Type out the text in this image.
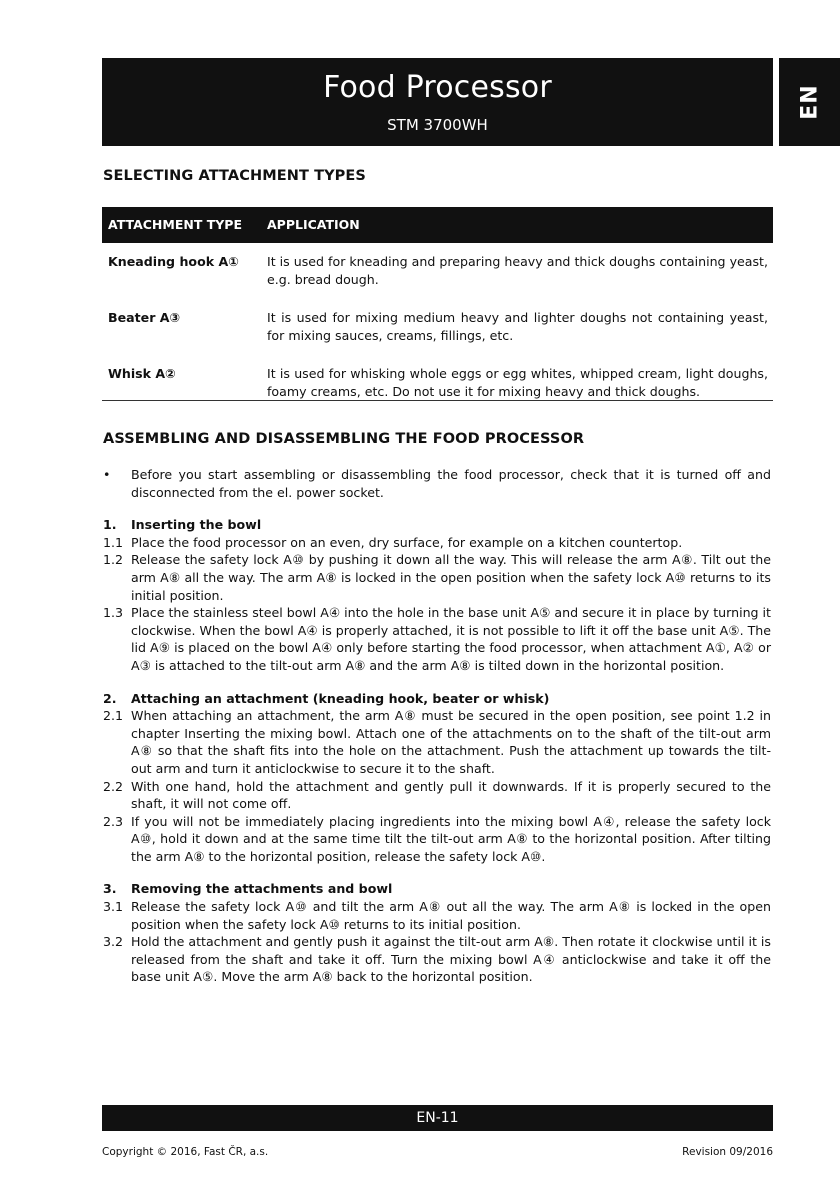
Food Processor
STM 3700WH
EN
SELECTING ATTACHMENT TYPES
ATTACHMENT TYPE APPLICATION
Kneading hook A① It is used for kneading and preparing heavy and thick doughs containing yeast, e.g. bread dough.
Beater A③	It is used for mixing medium heavy and lighter doughs not containing yeast, for mixing sauces, creams, fillings, etc.
Whisk A②	It is used for whisking whole eggs or egg whites, whipped cream, light doughs, foamy creams, etc. Do not use it for mixing heavy and thick doughs.
ASSEMBLING AND DISASSEMBLING THE FOOD PROCESSOR
• Before you start assembling or disassembling the food processor, check that it is turned off and disconnected from the el. power socket.
1. Inserting the bowl
1.1 Place the food processor on an even, dry surface, for example on a kitchen countertop.
1.2 Release the safety lock A⑩ by pushing it down all the way. This will release the arm A⑧. Tilt out the arm A⑧ all the way. The arm A⑧ is locked in the open position when the safety lock A⑩ returns to its initial position.
1.3 Place the stainless steel bowl A④ into the hole in the base unit A⑤ and secure it in place by turning it clockwise. When the bowl A④ is properly attached, it is not possible to lift it off the base unit A⑤. The lid A⑨ is placed on the bowl A④ only before starting the food processor, when attachment A①, A② or A③ is attached to the tilt-out arm A⑧ and the arm A⑧ is tilted down in the horizontal position.
2. Attaching an attachment (kneading hook, beater or whisk)
2.1 When attaching an attachment, the arm A⑧ must be secured in the open position, see point 1.2 in chapter Inserting the mixing bowl. Attach one of the attachments on to the shaft of the tilt-out arm A⑧ so that the shaft fits into the hole on the attachment. Push the attachment up towards the tilt-out arm and turn it anticlockwise to secure it to the shaft.
2.2 With one hand, hold the attachment and gently pull it downwards. If it is properly secured to the shaft, it will not come off.
2.3 If you will not be immediately placing ingredients into the mixing bowl A④, release the safety lock A⑩, hold it down and at the same time tilt the tilt-out arm A⑧ to the horizontal position. After tilting the arm A⑧ to the horizontal position, release the safety lock A⑩.
3. Removing the attachments and bowl
3.1 Release the safety lock A⑩ and tilt the arm A⑧ out all the way. The arm A⑧ is locked in the open position when the safety lock A⑩ returns to its initial position.
3.2 Hold the attachment and gently push it against the tilt-out arm A⑧. Then rotate it clockwise until it is released from the shaft and take it off. Turn the mixing bowl A④ anticlockwise and take it off the base unit A⑤. Move the arm A⑧ back to the horizontal position.
EN-11
Copyright © 2016, Fast ČR, a.s.	Revision 09/2016
